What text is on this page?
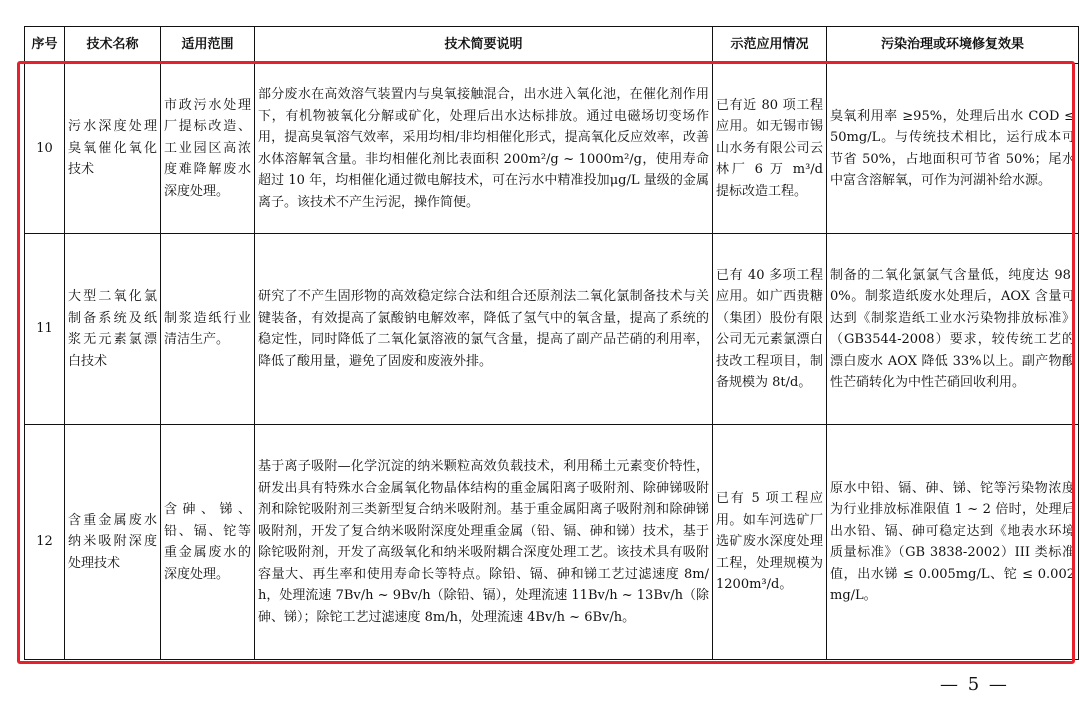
序号	技术名称	适用范围	技术简要说明	示范应用情况	污染治理或环境修复效果
10	污水深度处理臭氧催化氧化技术	市政污水处理厂提标改造、工业园区高浓度难降解废水深度处理。	部分废水在高效溶气装置内与臭氧接触混合，出水进入氧化池，在催化剂作用下，有机物被氧化分解或矿化，处理后出水达标排放。通过电磁场切变场作用，提高臭氧溶气效率，采用均相/非均相催化形式，提高氧化反应效率，改善水体溶解氧含量。非均相催化剂比表面积 200m²/g ~ 1000m²/g，使用寿命超过 10 年，均相催化通过微电解技术，可在污水中精准投加μg/L 量级的金属离子。该技术不产生污泥，操作简便。	已有近 80 项工程应用。如无锡市锡山水务有限公司云林厂 6 万 m³/d 提标改造工程。	臭氧利用率 ≥95%，处理后出水 COD ≤50mg/L。与传统技术相比，运行成本可节省 50%，占地面积可节省 50%；尾水中富含溶解氧，可作为河湖补给水源。
11	大型二氧化氯制备系统及纸浆无元素氯漂白技术	制浆造纸行业清洁生产。	研究了不产生固形物的高效稳定综合法和组合还原剂法二氧化氯制备技术与关键装备，有效提高了氯酸钠电解效率，降低了氢气中的氧含量，提高了系统的稳定性，同时降低了二氧化氯溶液的氯气含量，提高了副产品芒硝的利用率，降低了酸用量，避免了固废和废液外排。	已有 40 多项工程应用。如广西贵糖（集团）股份有限公司无元素氯漂白技改工程项目，制备规模为 8t/d。	制备的二氧化氯氯气含量低，纯度达 98.0%。制浆造纸废水处理后，AOX 含量可达到《制浆造纸工业水污染物排放标准》（GB3544-2008）要求，较传统工艺的漂白废水 AOX 降低 33%以上。副产物酸性芒硝转化为中性芒硝回收利用。
12	含重金属废水纳米吸附深度处理技术	含砷、锑、铅、镉、铊等重金属废水的深度处理。	基于离子吸附—化学沉淀的纳米颗粒高效负载技术，利用稀土元素变价特性，研发出具有特殊水合金属氧化物晶体结构的重金属阳离子吸附剂、除砷锑吸附剂和除铊吸附剂三类新型复合纳米吸附剂。基于重金属阳离子吸附剂和除砷锑吸附剂，开发了复合纳米吸附深度处理重金属（铅、镉、砷和锑）技术，基于除铊吸附剂，开发了高级氧化和纳米吸附耦合深度处理工艺。该技术具有吸附容量大、再生率和使用寿命长等特点。除铅、镉、砷和锑工艺过滤速度 8m/h，处理流速 7Bv/h ~ 9Bv/h（除铅、镉），处理流速 11Bv/h ~ 13Bv/h（除砷、锑）；除铊工艺过滤速度 8m/h，处理流速 4Bv/h ~ 6Bv/h。	已有 5 项工程应用。如车河选矿厂选矿废水深度处理工程，处理规模为 1200m³/d。	原水中铅、镉、砷、锑、铊等污染物浓度为行业排放标准限值 1 ~ 2 倍时，处理后出水铅、镉、砷可稳定达到《地表水环境质量标准》（GB 3838-2002）III 类标准值，出水锑 ≤ 0.005mg/L、铊 ≤ 0.002mg/L。
— 5 —
